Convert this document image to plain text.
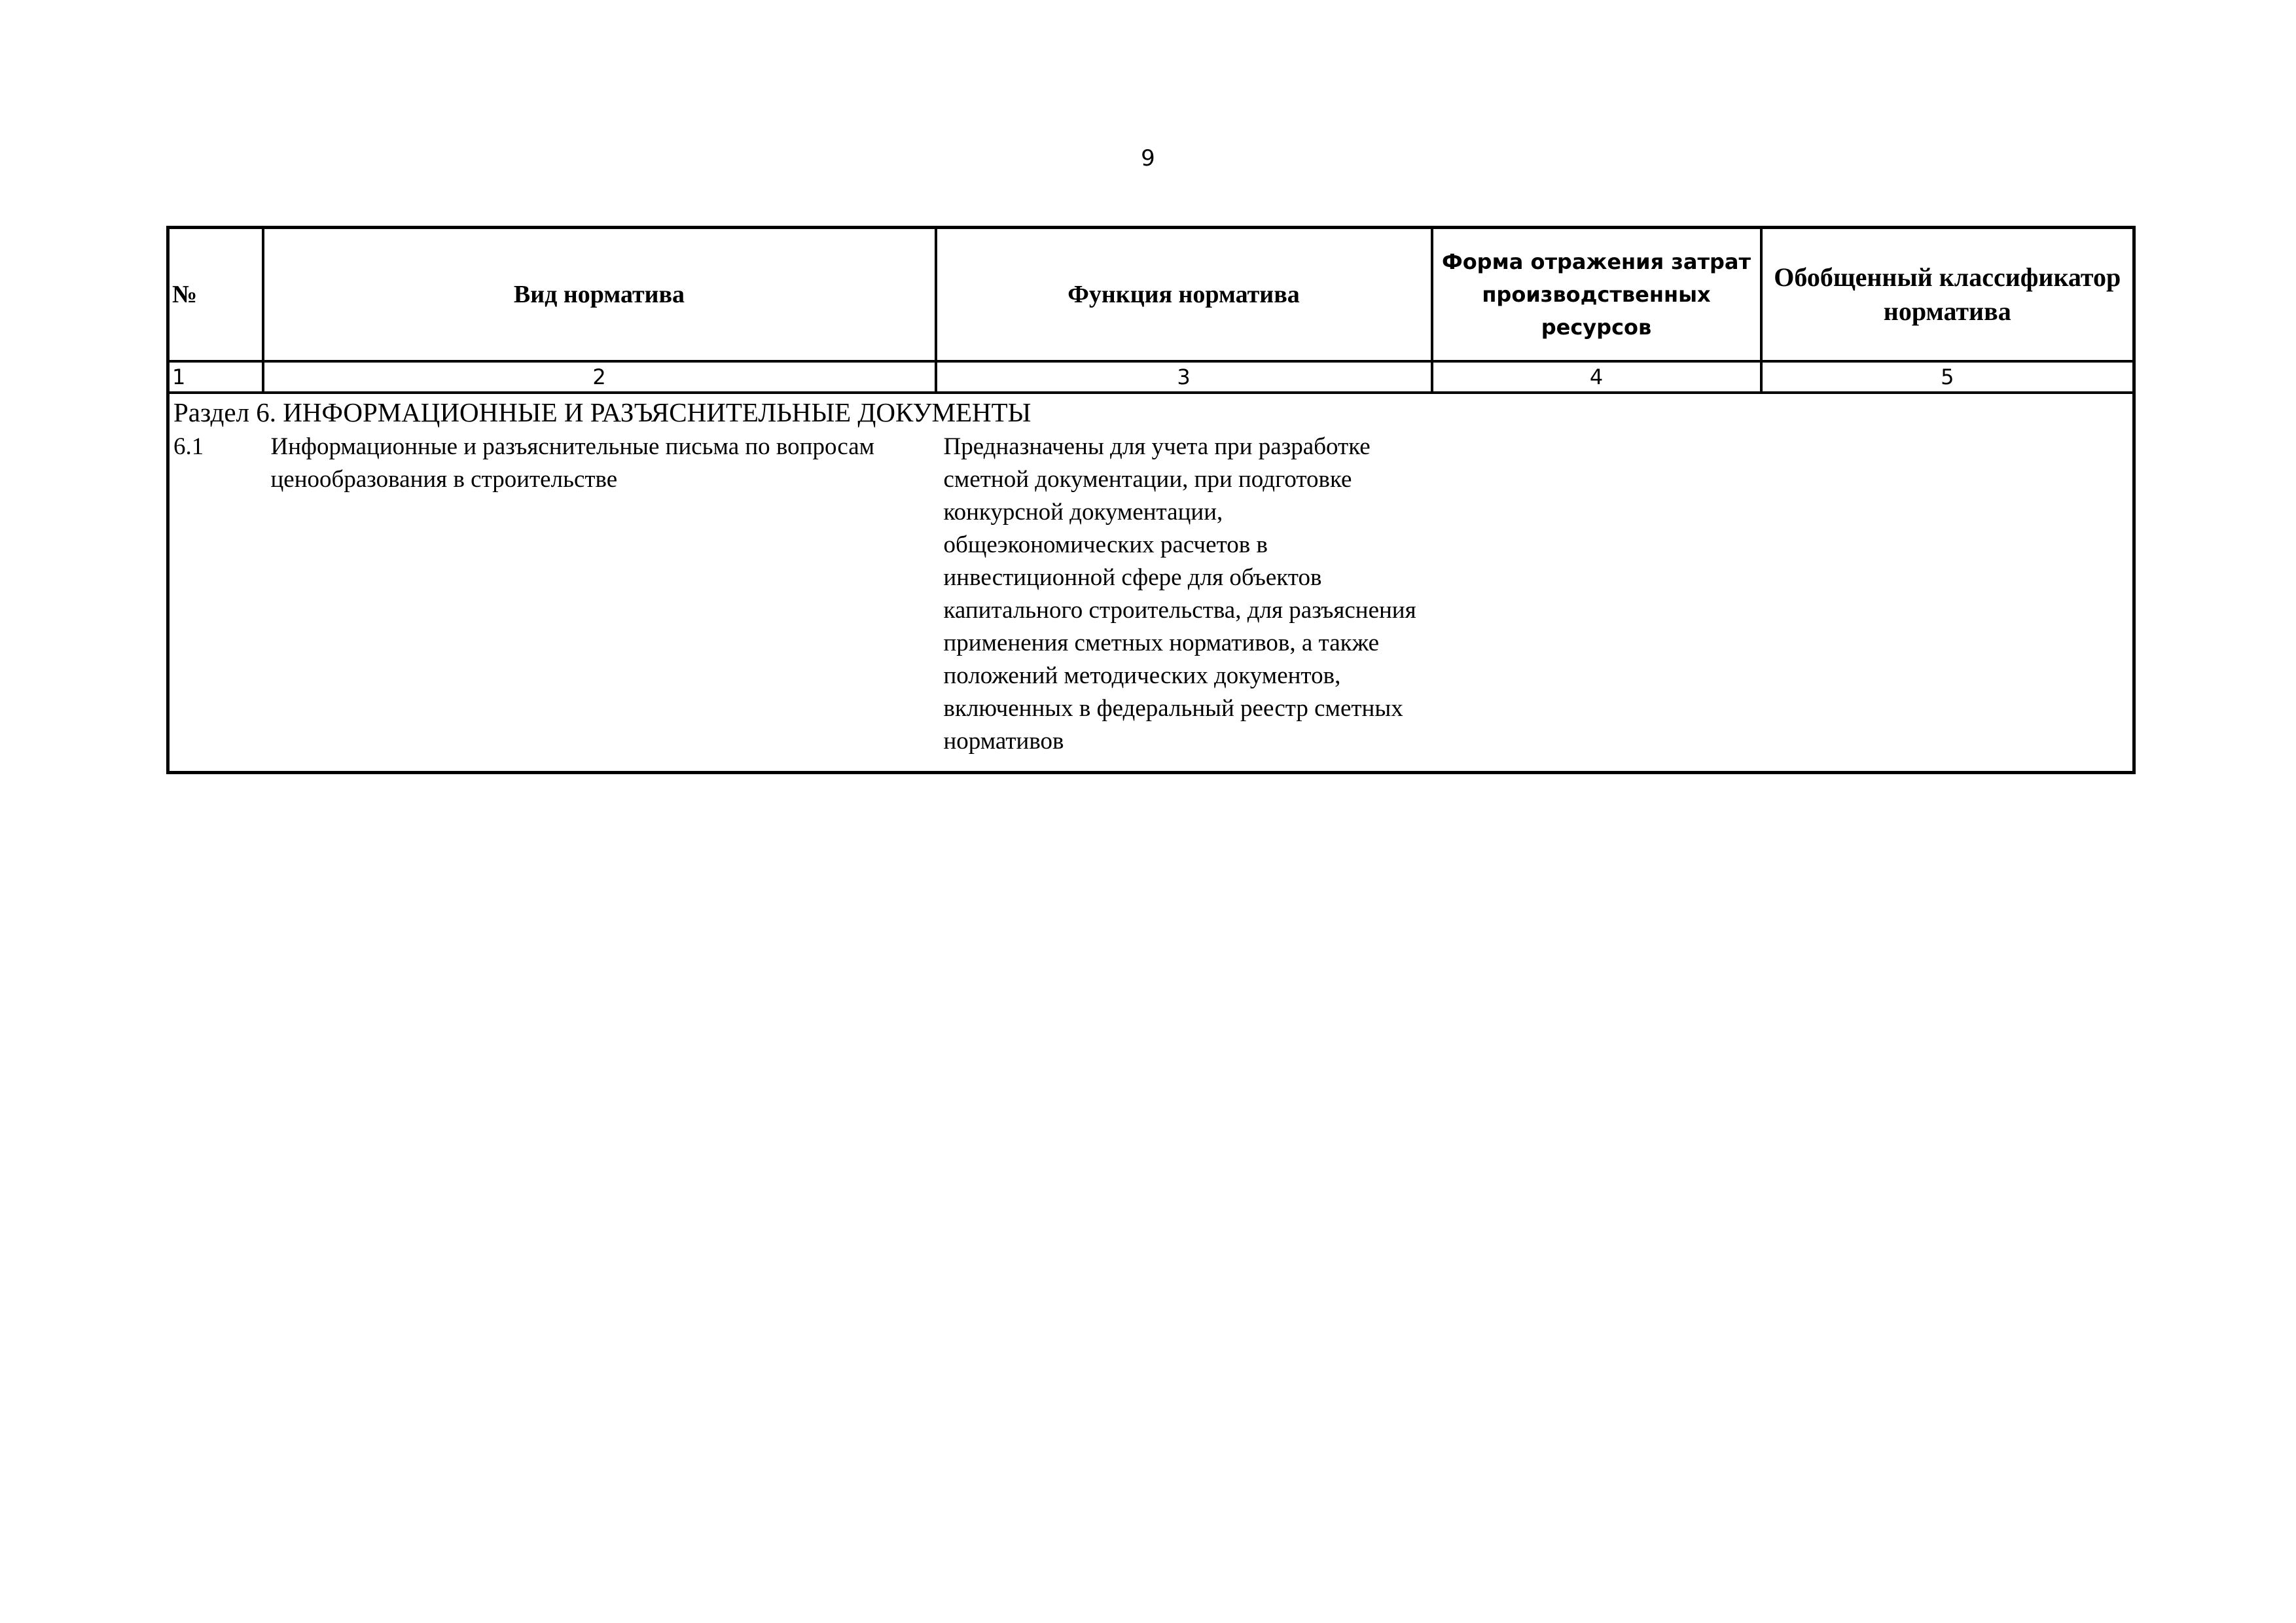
9
№	Вид норматива	Функция норматива	Форма отражения затрат производственных ресурсов	Обобщенный классификатор норматива
1	2	3	4	5
Раздел 6. ИНФОРМАЦИОННЫЕ И РАЗЪЯСНИТЕЛЬНЫЕ ДОКУМЕНТЫ				
6.1	Информационные и разъяснительные письма по вопросам ценообразования в строительстве	Предназначены для учета при разработке сметной документации, при подготовке конкурсной документации, общеэкономических расчетов в инвестиционной сфере для объектов капитального строительства, для разъяснения применения сметных нормативов, а также положений методических документов, включенных в федеральный реестр сметных нормативов		
